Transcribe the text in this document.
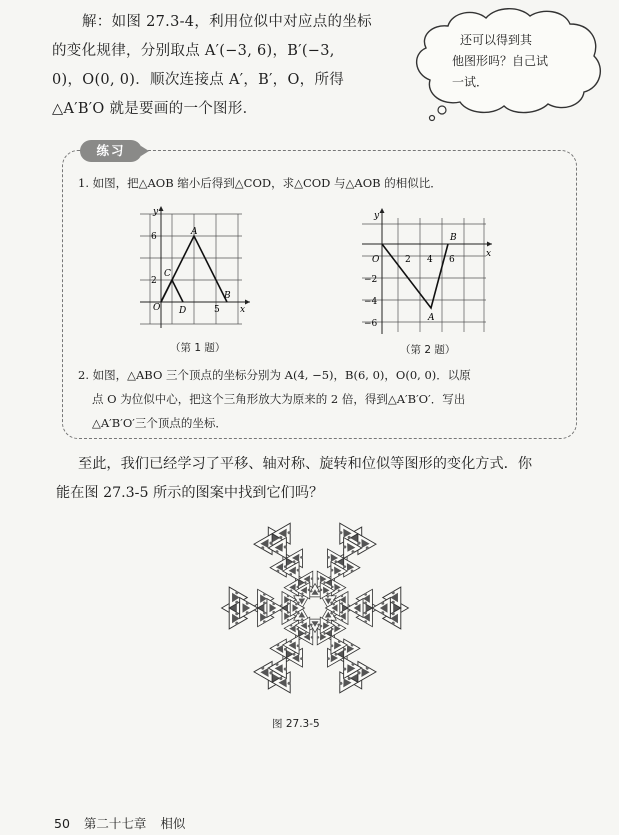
解：如图 27.3-4，利用位似中对应点的坐标
的变化规律，分别取点 A′(−3, 6)，B′(−3,
0)，O(0, 0)．顺次连接点 A′，B′，O，所得
△A′B′O 就是要画的一个图形．
还可以得到其
他图形吗？自己试
一试．
练习
1. 如图，把△AOB 缩小后得到△COD，求△COD 与△AOB 的相似比．
y
x
6
2
5
A
C
O D
B
（第 1 题）
y
x
O	2 4 6
B
−2
−4
−6
A
（第 2 题）
2. 如图，△ABO 三个顶点的坐标分别为 A(4, −5)，B(6, 0)，O(0, 0)．以原
点 O 为位似中心，把这个三角形放大为原来的 2 倍，得到△A′B′O′．写出
△A′B′O′三个顶点的坐标．
至此，我们已经学习了平移、轴对称、旋转和位似等图形的变化方式．你
能在图 27.3-5 所示的图案中找到它们吗？
图 27.3-5
50 第二十七章 相似
